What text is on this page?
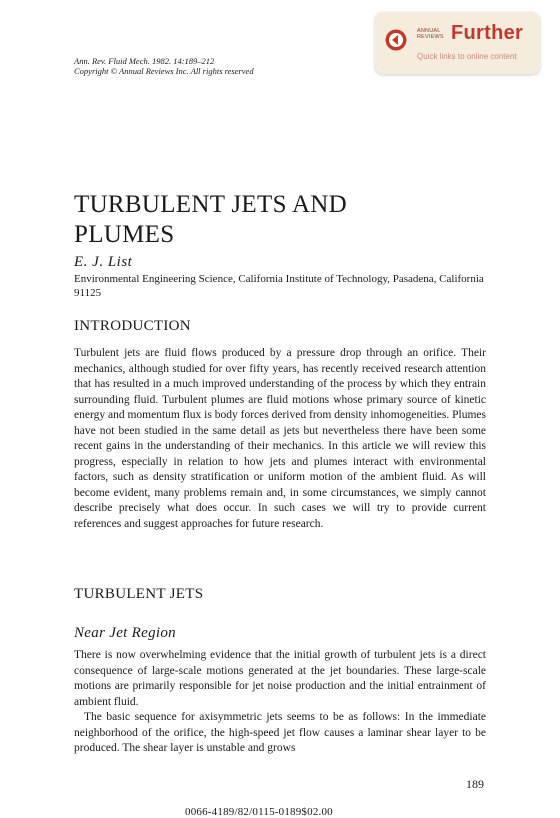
Ann. Rev. Fluid Mech. 1982. 14:189–212
Copyright © Annual Reviews Inc. All rights reserved
ANNUAL
REVIEWS Further
Quick links to online content
TURBULENT JETS AND PLUMES
E. J. List
Environmental Engineering Science, California Institute of Technology, Pasadena, California 91125
INTRODUCTION

Turbulent jets are fluid flows produced by a pressure drop through an orifice. Their mechanics, although studied for over fifty years, has recently received research attention that has resulted in a much improved understanding of the process by which they entrain surrounding fluid. Turbulent plumes are fluid motions whose primary source of kinetic energy and momentum flux is body forces derived from density inhomogeneities. Plumes have not been studied in the same detail as jets but nevertheless there have been some recent gains in the understanding of their mechanics. In this article we will review this progress, especially in relation to how jets and plumes interact with environmental factors, such as density stratification or uniform motion of the ambient fluid. As will become evident, many problems remain and, in some circumstances, we simply cannot describe precisely what does occur. In such cases we will try to provide current references and suggest approaches for future research.

TURBULENT JETS
Near Jet Region

There is now overwhelming evidence that the initial growth of turbulent jets is a direct consequence of large-scale motions generated at the jet boundaries. These large-scale motions are primarily responsible for jet noise production and the initial entrainment of ambient fluid.

The basic sequence for axisymmetric jets seems to be as follows: In the immediate neighborhood of the orifice, the high-speed jet flow causes a laminar shear layer to be produced. The shear layer is unstable and grows

189
0066-4189/82/0115-0189$02.00
